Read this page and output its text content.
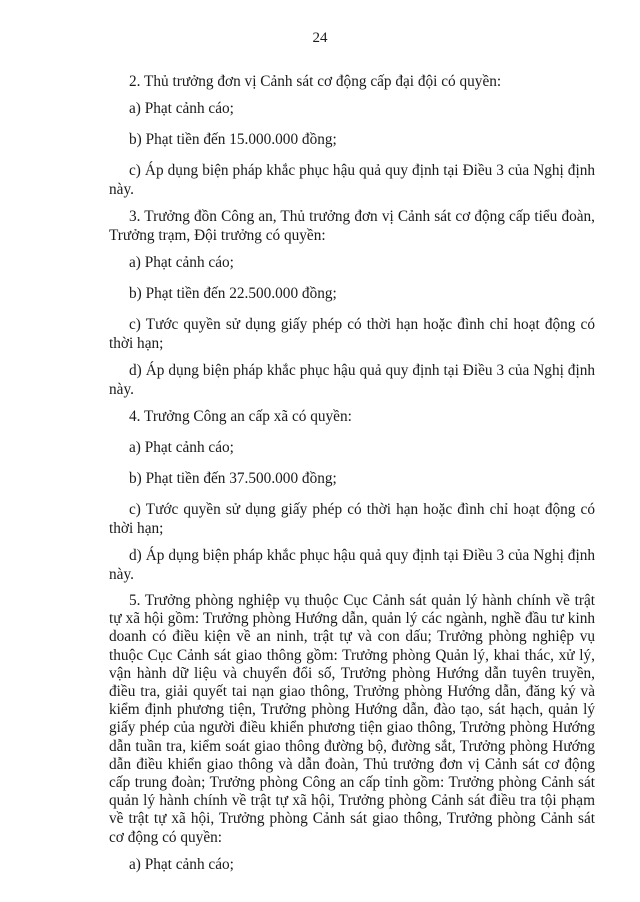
24

2. Thủ trưởng đơn vị Cảnh sát cơ động cấp đại đội có quyền:

a) Phạt cảnh cáo;

b) Phạt tiền đến 15.000.000 đồng;

c) Áp dụng biện pháp khắc phục hậu quả quy định tại Điều 3 của Nghị định này.

3. Trưởng đồn Công an, Thủ trưởng đơn vị Cảnh sát cơ động cấp tiểu đoàn, Trưởng trạm, Đội trưởng có quyền:

a) Phạt cảnh cáo;

b) Phạt tiền đến 22.500.000 đồng;

c) Tước quyền sử dụng giấy phép có thời hạn hoặc đình chỉ hoạt động có thời hạn;

d) Áp dụng biện pháp khắc phục hậu quả quy định tại Điều 3 của Nghị định này.

4. Trưởng Công an cấp xã có quyền:

a) Phạt cảnh cáo;

b) Phạt tiền đến 37.500.000 đồng;

c) Tước quyền sử dụng giấy phép có thời hạn hoặc đình chỉ hoạt động có thời hạn;

d) Áp dụng biện pháp khắc phục hậu quả quy định tại Điều 3 của Nghị định này.

5. Trưởng phòng nghiệp vụ thuộc Cục Cảnh sát quản lý hành chính về trật tự xã hội gồm: Trưởng phòng Hướng dẫn, quản lý các ngành, nghề đầu tư kinh doanh có điều kiện về an ninh, trật tự và con dấu; Trưởng phòng nghiệp vụ thuộc Cục Cảnh sát giao thông gồm: Trưởng phòng Quản lý, khai thác, xử lý, vận hành dữ liệu và chuyển đổi số, Trưởng phòng Hướng dẫn tuyên truyền, điều tra, giải quyết tai nạn giao thông, Trưởng phòng Hướng dẫn, đăng ký và kiểm định phương tiện, Trưởng phòng Hướng dẫn, đào tạo, sát hạch, quản lý giấy phép của người điều khiển phương tiện giao thông, Trưởng phòng Hướng dẫn tuần tra, kiểm soát giao thông đường bộ, đường sắt, Trưởng phòng Hướng dẫn điều khiển giao thông và dẫn đoàn, Thủ trưởng đơn vị Cảnh sát cơ động cấp trung đoàn; Trưởng phòng Công an cấp tỉnh gồm: Trưởng phòng Cảnh sát quản lý hành chính về trật tự xã hội, Trưởng phòng Cảnh sát điều tra tội phạm về trật tự xã hội, Trưởng phòng Cảnh sát giao thông, Trưởng phòng Cảnh sát cơ động có quyền:

a) Phạt cảnh cáo;
